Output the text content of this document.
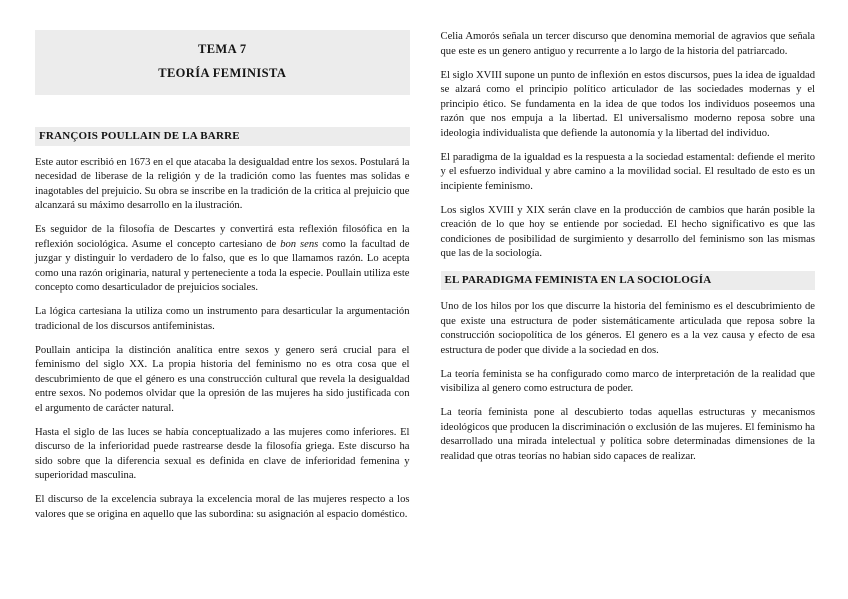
TEMA 7
TEORÍA FEMINISTA
FRANÇOIS POULLAIN DE LA BARRE

Este autor escribió en 1673 en el que atacaba la desigualdad entre los sexos. Postulará la necesidad de liberase de la religión y de la tradición como las fuentes mas solidas e inagotables del prejuicio. Su obra se inscribe en la tradición de la critica al prejuicio que alcanzará su máximo desarrollo en la ilustración.

Es seguidor de la filosofía de Descartes y convertirá esta reflexión filosófica en la reflexión sociológica. Asume el concepto cartesiano de bon sens como la facultad de juzgar y distinguir lo verdadero de lo falso, que es lo que llamamos razón. Lo acepta como una razón originaria, natural y perteneciente a toda la especie. Poullain utiliza este concepto como desarticulador de prejuicios sociales.

La lógica cartesiana la utiliza como un instrumento para desarticular la argumentación tradicional de los discursos antifeministas.

Poullain anticipa la distinción analítica entre sexos y genero será crucial para el feminismo del siglo XX. La propia historia del feminismo no es otra cosa que el descubrimiento de que el género es una construcción cultural que revela la desigualdad entre sexos. No podemos olvidar que la opresión de las mujeres ha sido justificada con el argumento de carácter natural.

Hasta el siglo de las luces se había conceptualizado a las mujeres como inferiores. El discurso de la inferioridad puede rastrearse desde la filosofía griega. Este discurso ha sido sobre que la diferencia sexual es definida en clave de inferioridad femenina y superioridad masculina.

El discurso de la excelencia subraya la excelencia moral de las mujeres respecto a los valores que se origina en aquello que las subordina: su asignación al espacio doméstico.

Celia Amorós señala un tercer discurso que denomina memorial de agravios que señala que este es un genero antiguo y recurrente a lo largo de la historia del patriarcado.

El siglo XVIII supone un punto de inflexión en estos discursos, pues la idea de igualdad se alzará como el principio político articulador de las sociedades modernas y el principio ético. Se fundamenta en la idea de que todos los individuos poseemos una razón que nos empuja a la libertad. El universalismo moderno reposa sobre una ideologia individualista que defiende la autonomía y la libertad del individuo.

El paradigma de la igualdad es la respuesta a la sociedad estamental: defiende el merito y el esfuerzo individual y abre camino a la movilidad social. El resultado de esto es un incipiente feminismo.

Los siglos XVIII y XIX serán clave en la producción de cambios que harán posible la creación de lo que hoy se entiende por sociedad. El hecho significativo es que las condiciones de posibilidad de surgimiento y desarrollo del feminismo son las mismas que las de la sociología.

EL PARADIGMA FEMINISTA EN LA SOCIOLOGÍA

Uno de los hilos por los que discurre la historia del feminismo es el descubrimiento de que existe una estructura de poder sistemáticamente articulada que reposa sobre la construcción sociopolítica de los géneros. El genero es a la vez causa y efecto de esa estructura de poder que divide a la sociedad en dos.

La teoría feminista se ha configurado como marco de interpretación de la realidad que visibiliza al genero como estructura de poder.

La teoría feminista pone al descubierto todas aquellas estructuras y mecanismos ideológicos que producen la discriminación o exclusión de las mujeres. El feminismo ha desarrollado una mirada intelectual y política sobre determinadas dimensiones de la realidad que otras teorías no habian sido capaces de realizar.
